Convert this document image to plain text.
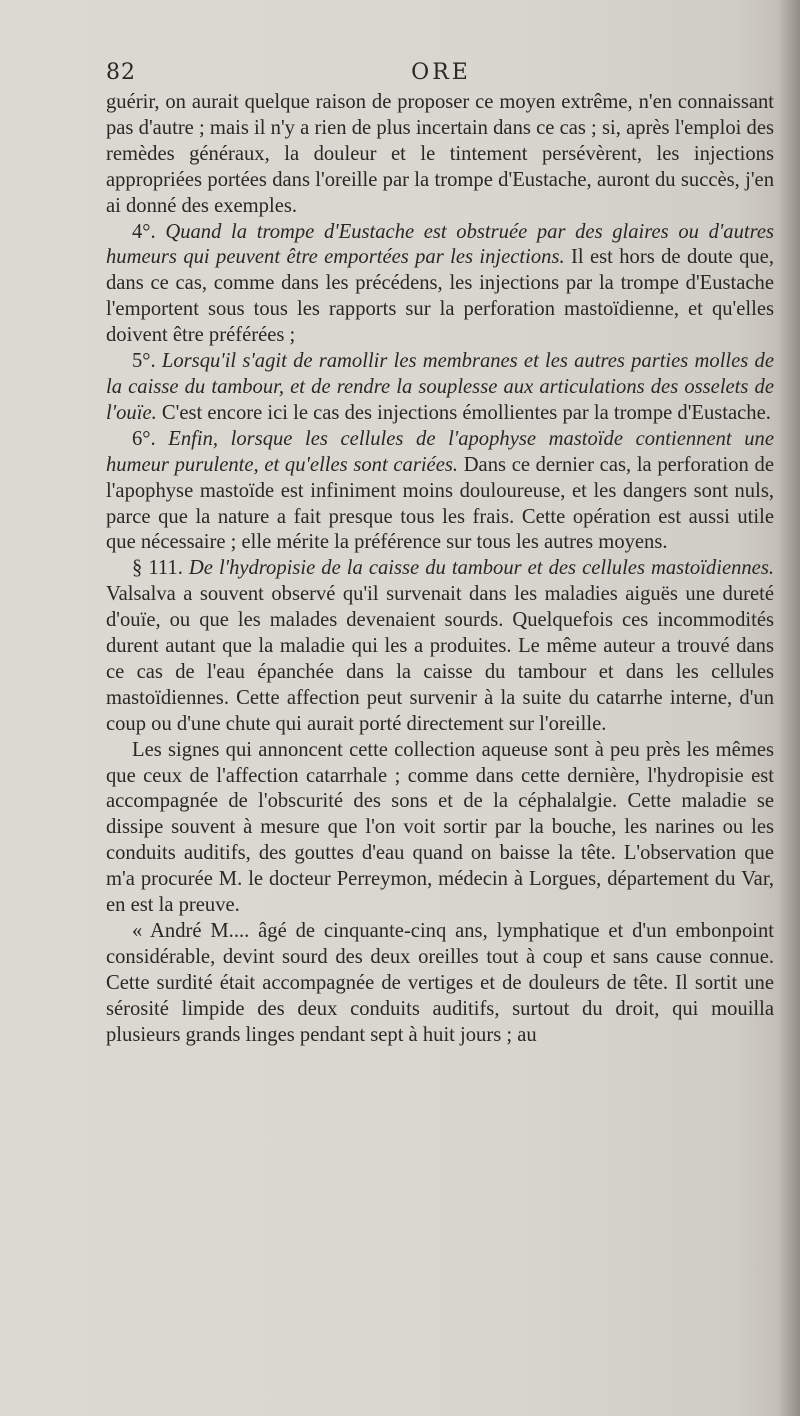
82	ORE

guérir, on aurait quelque raison de proposer ce moyen extrême, n'en connaissant pas d'autre ; mais il n'y a rien de plus incertain dans ce cas ; si, après l'emploi des remèdes généraux, la douleur et le tintement persévèrent, les injections appropriées portées dans l'oreille par la trompe d'Eustache, auront du succès, j'en ai donné des exemples.

4°. Quand la trompe d'Eustache est obstruée par des glaires ou d'autres humeurs qui peuvent être emportées par les injections. Il est hors de doute que, dans ce cas, comme dans les précédens, les injections par la trompe d'Eustache l'emportent sous tous les rapports sur la perforation mastoïdienne, et qu'elles doivent être préférées ;

5°. Lorsqu'il s'agit de ramollir les membranes et les autres parties molles de la caisse du tambour, et de rendre la souplesse aux articulations des osselets de l'ouïe. C'est encore ici le cas des injections émollientes par la trompe d'Eustache.

6°. Enfin, lorsque les cellules de l'apophyse mastoïde contiennent une humeur purulente, et qu'elles sont cariées. Dans ce dernier cas, la perforation de l'apophyse mastoïde est infiniment moins douloureuse, et les dangers sont nuls, parce que la nature a fait presque tous les frais. Cette opération est aussi utile que nécessaire ; elle mérite la préférence sur tous les autres moyens.

§ 111. De l'hydropisie de la caisse du tambour et des cellules mastoïdiennes. Valsalva a souvent observé qu'il survenait dans les maladies aiguës une dureté d'ouïe, ou que les malades devenaient sourds. Quelquefois ces incommodités durent autant que la maladie qui les a produites. Le même auteur a trouvé dans ce cas de l'eau épanchée dans la caisse du tambour et dans les cellules mastoïdiennes. Cette affection peut survenir à la suite du catarrhe interne, d'un coup ou d'une chute qui aurait porté directement sur l'oreille.

Les signes qui annoncent cette collection aqueuse sont à peu près les mêmes que ceux de l'affection catarrhale ; comme dans cette dernière, l'hydropisie est accompagnée de l'obscurité des sons et de la céphalalgie. Cette maladie se dissipe souvent à mesure que l'on voit sortir par la bouche, les narines ou les conduits auditifs, des gouttes d'eau quand on baisse la tête. L'observation que m'a procurée M. le docteur Perreymon, médecin à Lorgues, département du Var, en est la preuve.

« André M.... âgé de cinquante-cinq ans, lymphatique et d'un embonpoint considérable, devint sourd des deux oreilles tout à coup et sans cause connue. Cette surdité était accompagnée de vertiges et de douleurs de tête. Il sortit une sérosité limpide des deux conduits auditifs, surtout du droit, qui mouilla plusieurs grands linges pendant sept à huit jours ; au
